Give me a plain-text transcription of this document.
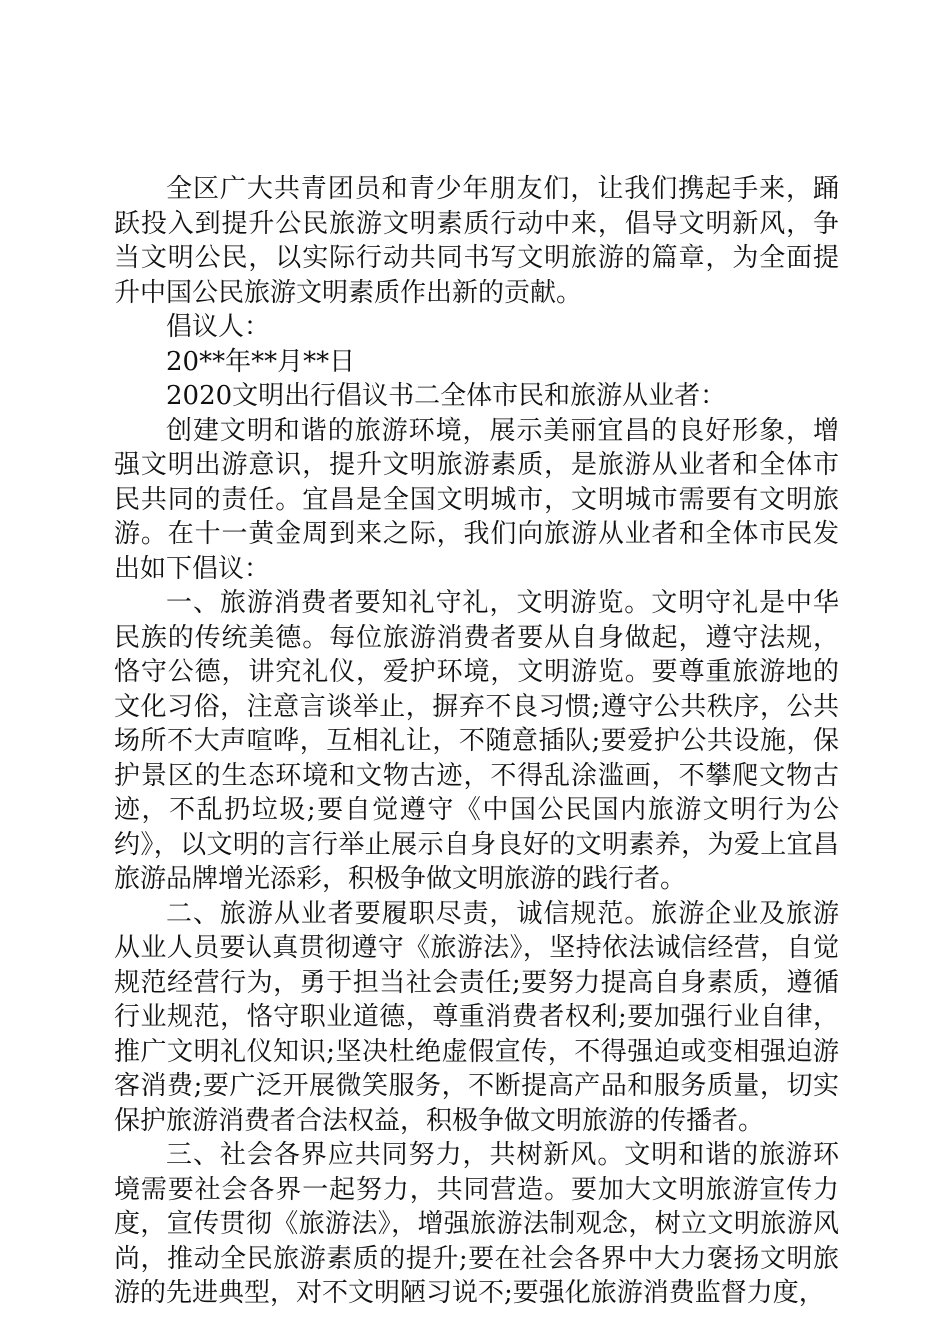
全区广大共青团员和青少年朋友们，让我们携起手来，踊跃投入到提升公民旅游文明素质行动中来，倡导文明新风，争当文明公民，以实际行动共同书写文明旅游的篇章，为全面提升中国公民旅游文明素质作出新的贡献。

倡议人：

20**年**月**日

2020文明出行倡议书二全体市民和旅游从业者：

创建文明和谐的旅游环境，展示美丽宜昌的良好形象，增强文明出游意识，提升文明旅游素质，是旅游从业者和全体市民共同的责任。宜昌是全国文明城市，文明城市需要有文明旅游。在十一黄金周到来之际，我们向旅游从业者和全体市民发出如下倡议：

一、旅游消费者要知礼守礼，文明游览。文明守礼是中华民族的传统美德。每位旅游消费者要从自身做起，遵守法规，恪守公德，讲究礼仪，爱护环境，文明游览。要尊重旅游地的文化习俗，注意言谈举止，摒弃不良习惯;遵守公共秩序，公共场所不大声喧哗，互相礼让，不随意插队;要爱护公共设施，保护景区的生态环境和文物古迹，不得乱涂滥画，不攀爬文物古迹，不乱扔垃圾;要自觉遵守《中国公民国内旅游文明行为公约》，以文明的言行举止展示自身良好的文明素养，为爱上宜昌旅游品牌增光添彩，积极争做文明旅游的践行者。

二、旅游从业者要履职尽责，诚信规范。旅游企业及旅游从业人员要认真贯彻遵守《旅游法》，坚持依法诚信经营，自觉规范经营行为，勇于担当社会责任;要努力提高自身素质，遵循行业规范，恪守职业道德，尊重消费者权利;要加强行业自律，推广文明礼仪知识;坚决杜绝虚假宣传，不得强迫或变相强迫游客消费;要广泛开展微笑服务，不断提高产品和服务质量，切实保护旅游消费者合法权益，积极争做文明旅游的传播者。

三、社会各界应共同努力，共树新风。文明和谐的旅游环境需要社会各界一起努力，共同营造。要加大文明旅游宣传力度，宣传贯彻《旅游法》，增强旅游法制观念，树立文明旅游风尚，推动全民旅游素质的提升;要在社会各界中大力褒扬文明旅游的先进典型，对不文明陋习说不;要强化旅游消费监督力度，
